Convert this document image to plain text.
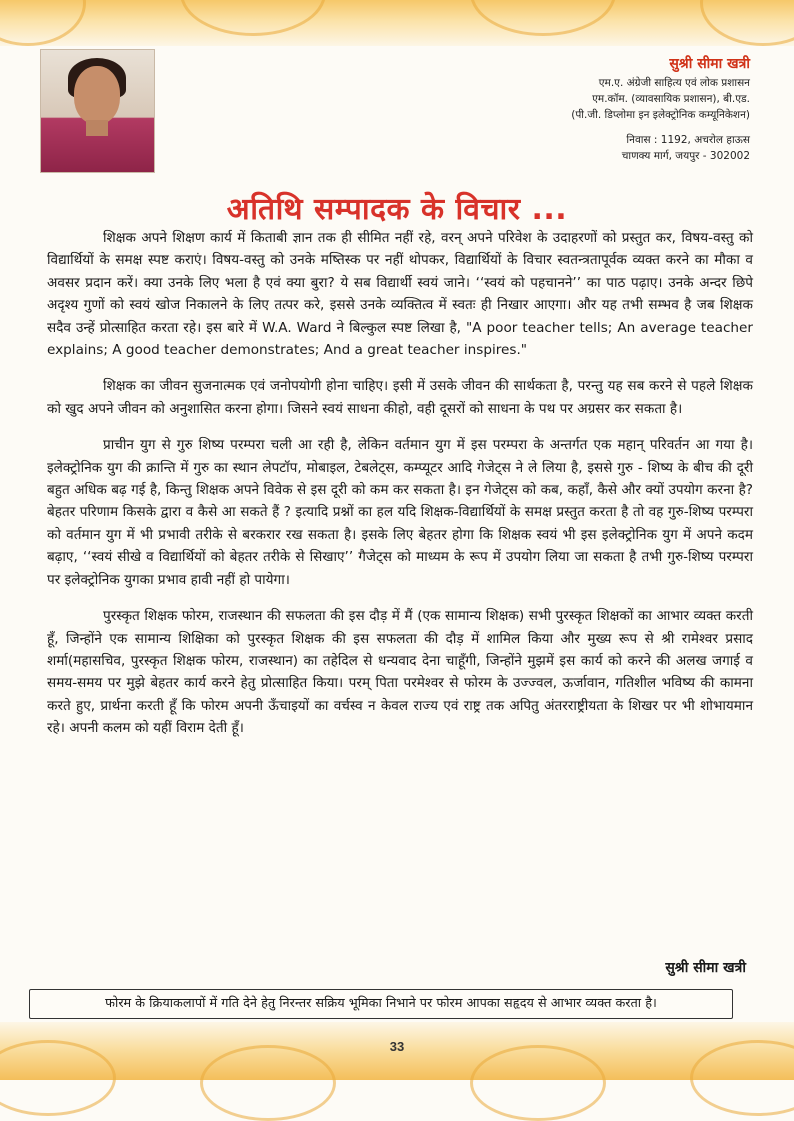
सुश्री सीमा खत्री
एम.ए. अंग्रेजी साहित्य एवं लोक प्रशासन
एम.कॉम. (व्यावसायिक प्रशासन), बी.एड.
(पी.जी. डिप्लोमा इन इलेक्ट्रोनिक कम्यूनिकेशन)
निवास : 1192, अचरोल हाऊस
चाणक्य मार्ग, जयपुर - 302002
अतिथि सम्पादक के विचार ...

शिक्षक अपने शिक्षण कार्य में किताबी ज्ञान तक ही सीमित नहीं रहे, वरन् अपने परिवेश के उदाहरणों को प्रस्तुत कर, विषय-वस्तु को विद्यार्थियों के समक्ष स्पष्ट कराएं। विषय-वस्तु को उनके मष्तिस्क पर नहीं थोपकर, विद्यार्थियों के विचार स्वतन्त्रतापूर्वक व्यक्त करने का मौका व अवसर प्रदान करें। क्या उनके लिए भला है एवं क्या बुरा? ये सब विद्यार्थी स्वयं जाने। ‘‘स्वयं को पहचानने’’ का पाठ पढ़ाए। उनके अन्दर छिपे अदृश्य गुणों को स्वयं खोज निकालने के लिए तत्पर करे, इससे उनके व्यक्तित्व में स्वतः ही निखार आएगा। और यह तभी सम्भव है जब शिक्षक सदैव उन्हें प्रोत्साहित करता रहे। इस बारे में W.A. Ward ने बिल्कुल स्पष्ट लिखा है, "A poor teacher tells; An average teacher explains; A good teacher demonstrates; And a great teacher inspires."

शिक्षक का जीवन सुजनात्मक एवं जनोपयोगी होना चाहिए। इसी में उसके जीवन की सार्थकता है, परन्तु यह सब करने से पहले शिक्षक को खुद अपने जीवन को अनुशासित करना होगा। जिसने स्वयं साधना कीहो, वही दूसरों को साधना के पथ पर अग्रसर कर सकता है।

प्राचीन युग से गुरु शिष्य परम्परा चली आ रही है, लेकिन वर्तमान युग में इस परम्परा के अन्तर्गत एक महान् परिवर्तन आ गया है। इलेक्ट्रोनिक युग की क्रान्ति में गुरु का स्थान लेपटॉप, मोबाइल, टेबलेट्स, कम्प्यूटर आदि गेजेट्स ने ले लिया है, इससे गुरु - शिष्य के बीच की दूरी बहुत अधिक बढ़ गई है, किन्तु शिक्षक अपने विवेक से इस दूरी को कम कर सकता है। इन गेजेट्स को कब, कहाँ, कैसे और क्यों उपयोग करना है? बेहतर परिणाम किसके द्वारा व कैसे आ सकते हैं ? इत्यादि प्रश्नों का हल यदि शिक्षक-विद्यार्थियों के समक्ष प्रस्तुत करता है तो वह गुरु-शिष्य परम्परा को वर्तमान युग में भी प्रभावी तरीके से बरकरार रख सकता है। इसके लिए बेहतर होगा कि शिक्षक स्वयं भी इस इलेक्ट्रोनिक युग में अपने कदम बढ़ाए, ‘‘स्वयं सीखे व विद्यार्थियों को बेहतर तरीके से सिखाए’’ गैजेट्स को माध्यम के रूप में उपयोग लिया जा सकता है तभी गुरु-शिष्य परम्परा पर इलेक्ट्रोनिक युगका प्रभाव हावी नहीं हो पायेगा।

पुरस्कृत शिक्षक फोरम, राजस्थान की सफलता की इस दौड़ में मैं (एक सामान्य शिक्षक) सभी पुरस्कृत शिक्षकों का आभार व्यक्त करती हूँ, जिन्होंने एक सामान्य शिक्षिका को पुरस्कृत शिक्षक की इस सफलता की दौड़ में शामिल किया और मुख्य रूप से श्री रामेश्वर प्रसाद शर्मा(महासचिव, पुरस्कृत शिक्षक फोरम, राजस्थान) का तहेदिल से धन्यवाद देना चाहूँगी, जिन्होंने मुझमें इस कार्य को करने की अलख जगाई व समय-समय पर मुझे बेहतर कार्य करने हेतु प्रोत्साहित किया। परम् पिता परमेश्वर से फोरम के उज्ज्वल, ऊर्जावान, गतिशील भविष्य की कामना करते हुए, प्रार्थना करती हूँ कि फोरम अपनी ऊँचाइयों का वर्चस्व न केवल राज्य एवं राष्ट्र तक अपितु अंतरराष्ट्रीयता के शिखर पर भी शोभायमान रहे। अपनी कलम को यहीं विराम देती हूँ।

सुश्री सीमा खत्री
फोरम के क्रियाकलापों में गति देने हेतु निरन्तर सक्रिय भूमिका निभाने पर फोरम आपका सहृदय से आभार व्यक्त करता है।
33
